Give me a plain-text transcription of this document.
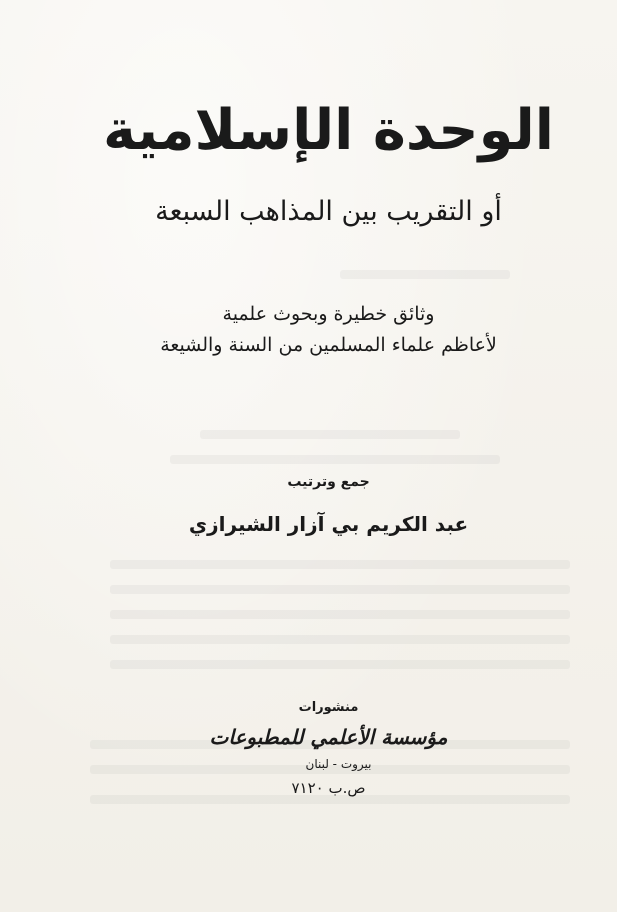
الوحدة الإسلامية
أو التقريب بين المذاهب السبعة
وثائق خطيرة وبحوث علمية
لأعاظم علماء المسلمين من السنة والشيعة
جمع وترتيب
عبد الكريم بي آزار الشيرازي
منشورات
مؤسسة الأعلمي للمطبوعات
بيروت - لبنان
ص.ب ٧١٢٠
